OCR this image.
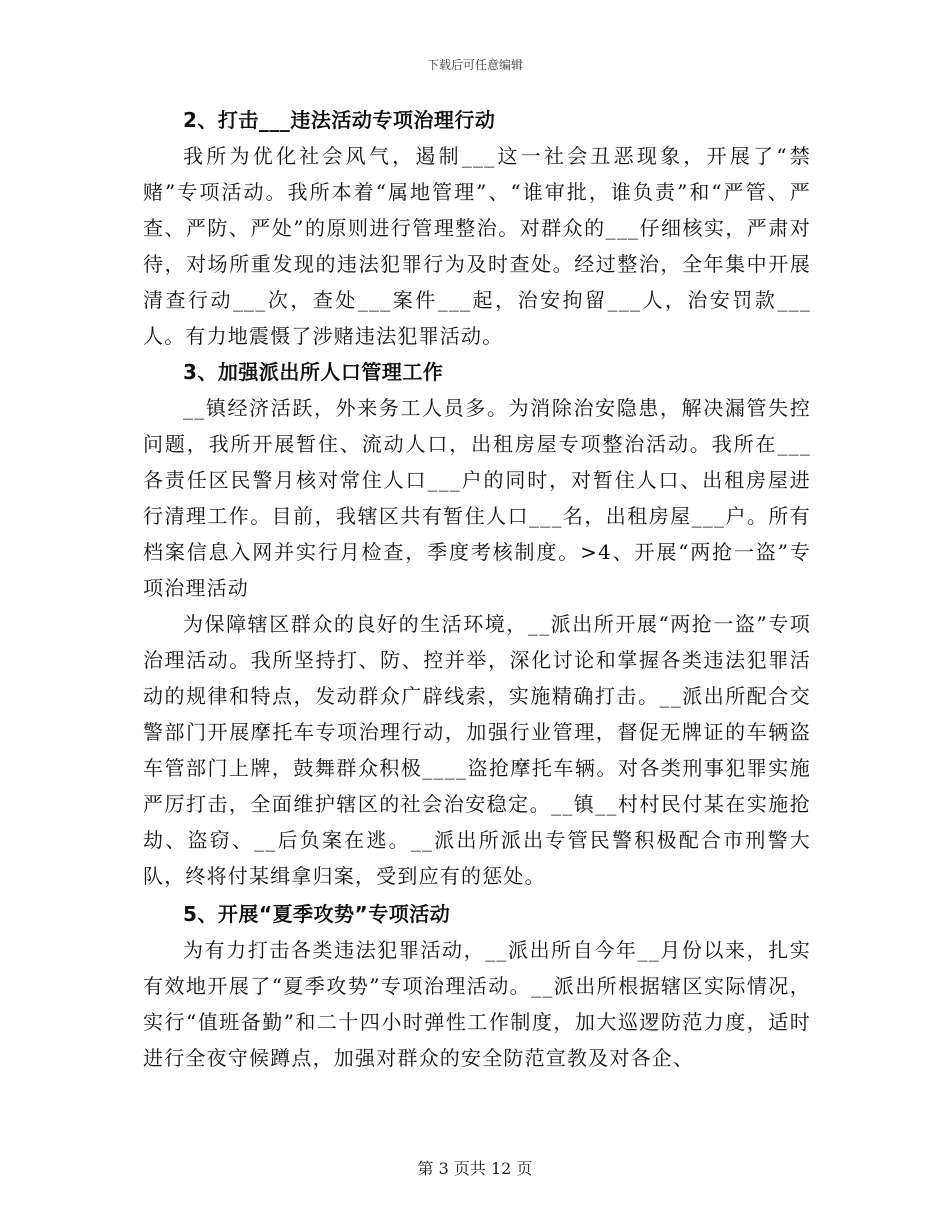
下载后可任意编辑

2、打击___违法活动专项治理行动

我所为优化社会风气，遏制___这一社会丑恶现象，开展了“禁赌”专项活动。我所本着“属地管理”、“谁审批，谁负责”和“严管、严查、严防、严处”的原则进行管理整治。对群众的___仔细核实，严肃对待，对场所重发现的违法犯罪行为及时查处。经过整治，全年集中开展清查行动___次，查处___案件___起，治安拘留___人，治安罚款___人。有力地震慑了涉赌违法犯罪活动。

3、加强派出所人口管理工作

__镇经济活跃，外来务工人员多。为消除治安隐患，解决漏管失控问题，我所开展暂住、流动人口，出租房屋专项整治活动。我所在___各责任区民警月核对常住人口___户的同时，对暂住人口、出租房屋进行清理工作。目前，我辖区共有暂住人口___名，出租房屋___户。所有档案信息入网并实行月检查，季度考核制度。>4、开展“两抢一盗”专项治理活动

为保障辖区群众的良好的生活环境，__派出所开展“两抢一盗”专项治理活动。我所坚持打、防、控并举，深化讨论和掌握各类违法犯罪活动的规律和特点，发动群众广辟线索，实施精确打击。__派出所配合交警部门开展摩托车专项治理行动，加强行业管理，督促无牌证的车辆盗车管部门上牌，鼓舞群众积极____盗抢摩托车辆。对各类刑事犯罪实施严厉打击，全面维护辖区的社会治安稳定。__镇__村村民付某在实施抢劫、盗窃、__后负案在逃。__派出所派出专管民警积极配合市刑警大队，终将付某缉拿归案，受到应有的惩处。

5、开展“夏季攻势”专项活动

为有力打击各类违法犯罪活动，__派出所自今年__月份以来，扎实有效地开展了“夏季攻势”专项治理活动。__派出所根据辖区实际情况，实行“值班备勤”和二十四小时弹性工作制度，加大巡逻防范力度，适时进行全夜守候蹲点，加强对群众的安全防范宣教及对各企、

第 3 页共 12 页
